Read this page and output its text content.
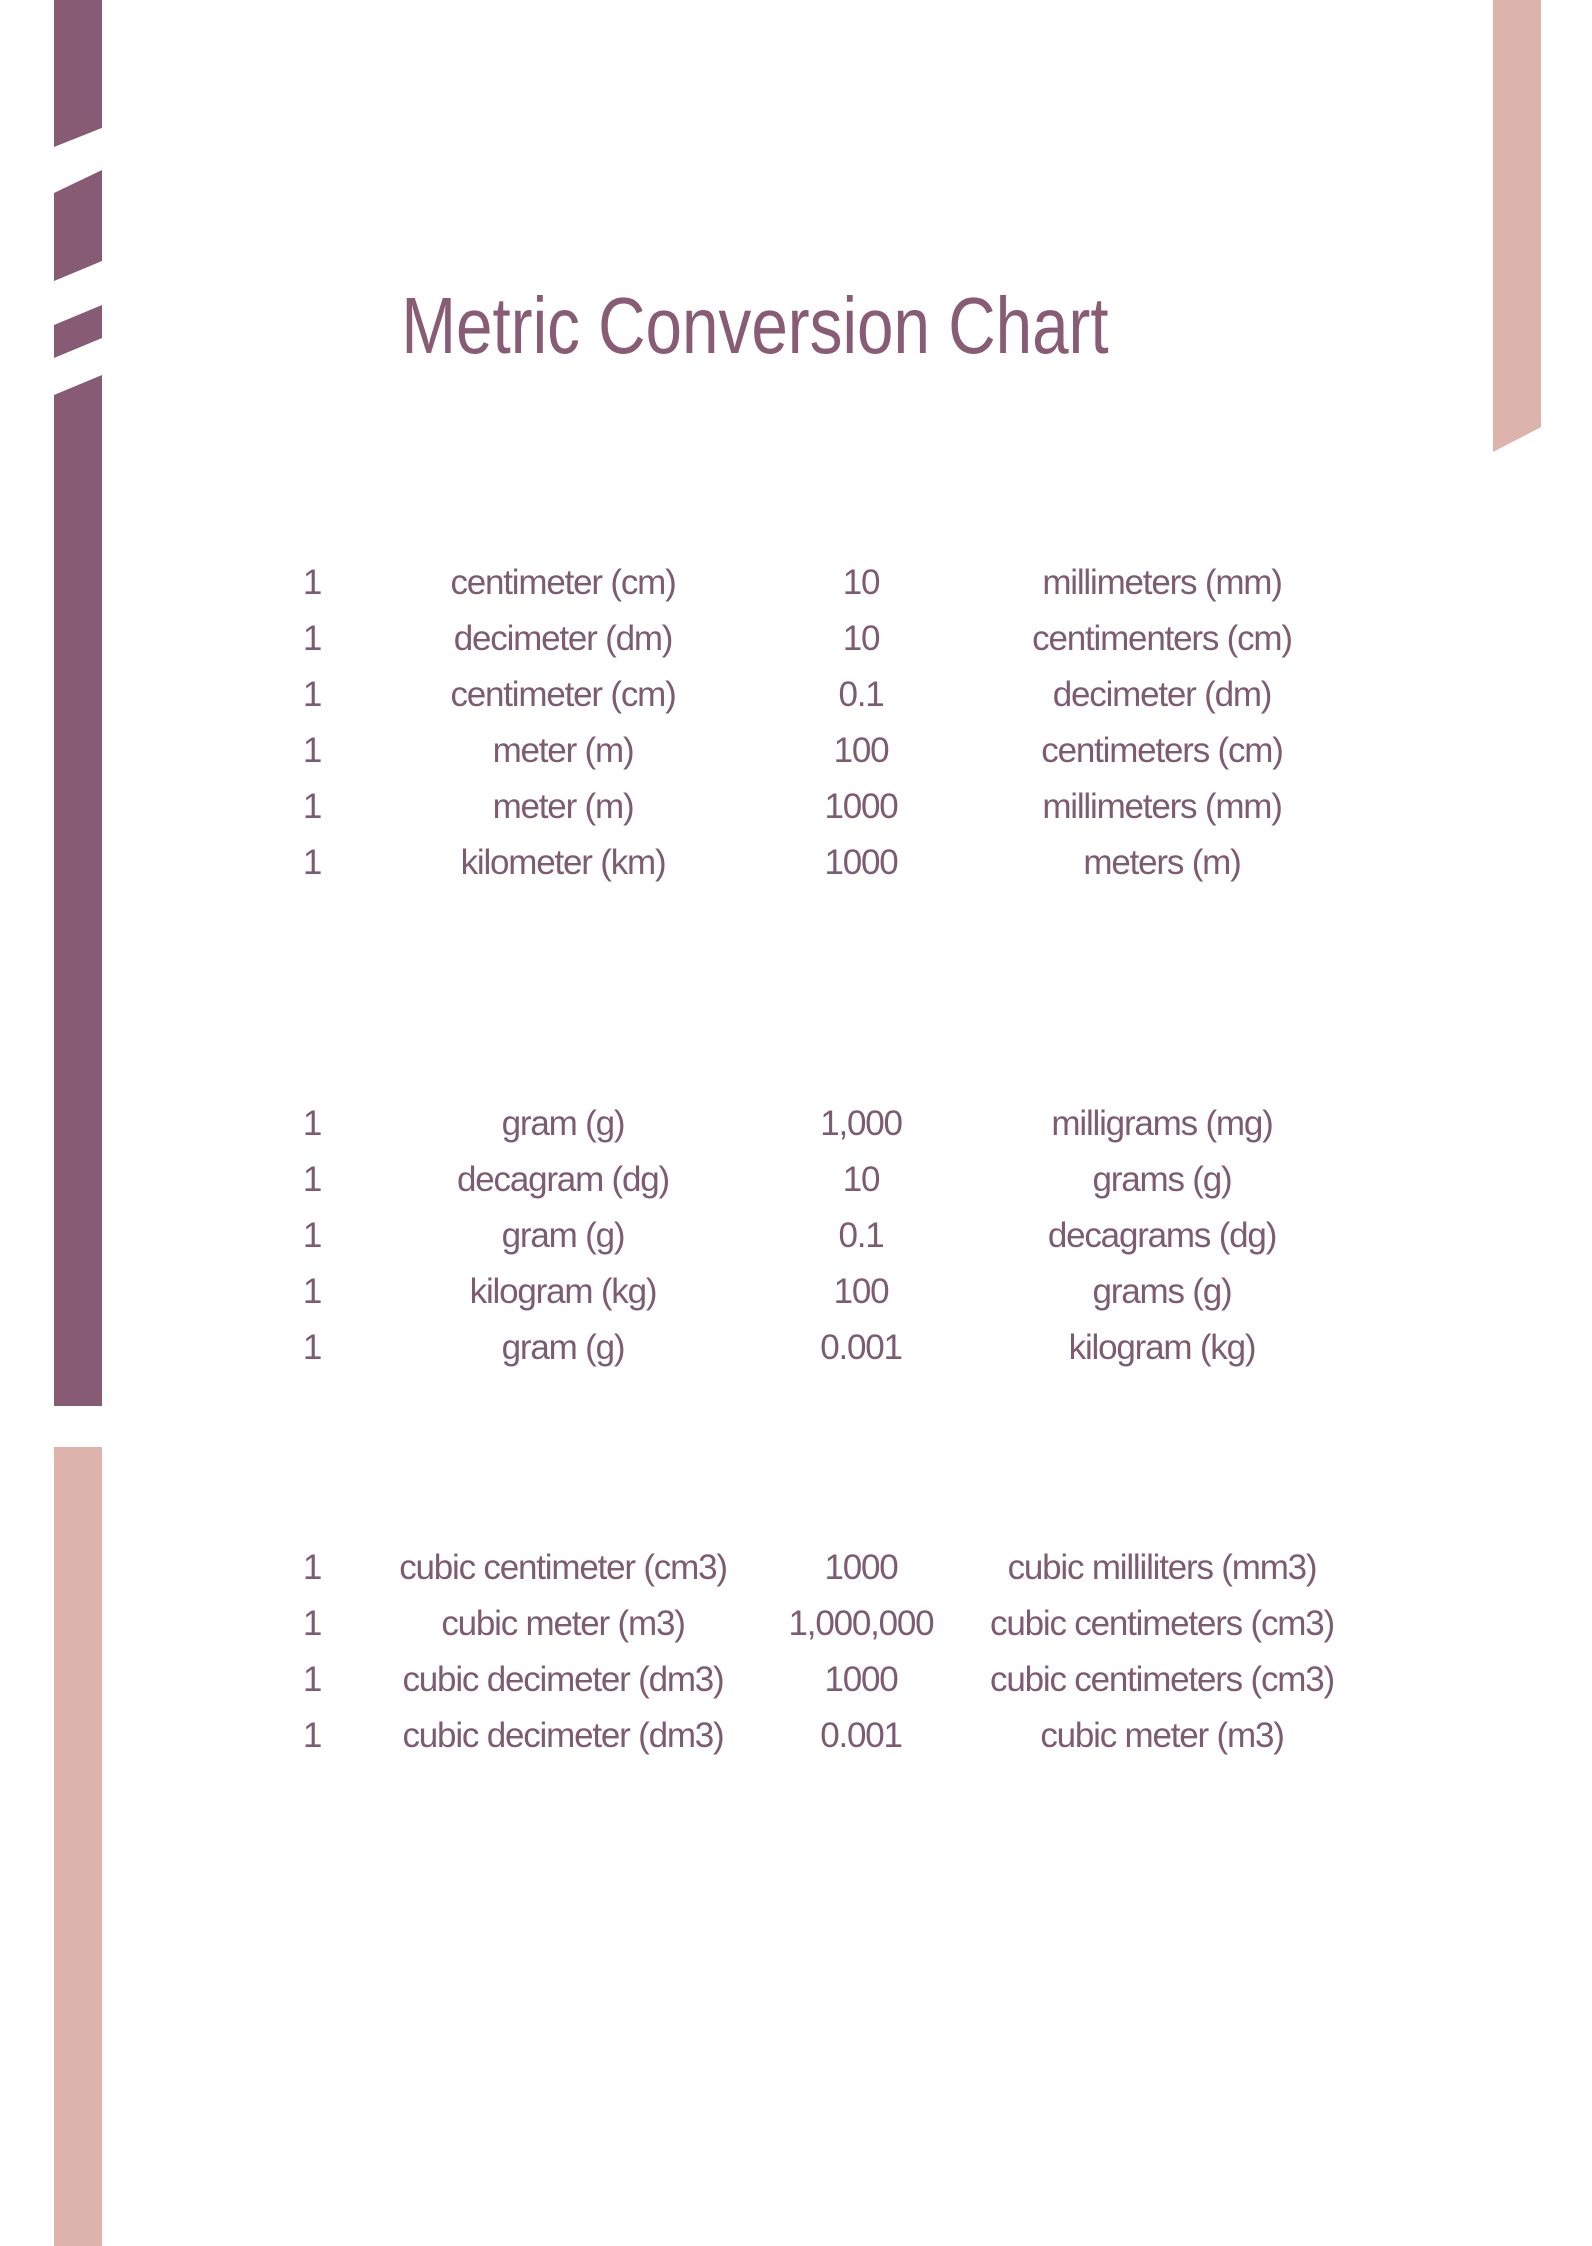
Metric Conversion Chart
1	centimeter (cm)	10	millimeters (mm)
1	decimeter (dm)	10	centimenters (cm)
1	centimeter (cm)	0.1	decimeter (dm)
1	meter (m)	100	centimeters (cm)
1	meter (m)	1000	millimeters (mm)
1	kilometer (km)	1000	meters (m)
1	gram (g)	1,000	milligrams (mg)
1	decagram (dg)	10	grams (g)
1	gram (g)	0.1	decagrams (dg)
1	kilogram (kg)	100	grams (g)
1	gram (g)	0.001	kilogram (kg)
1	cubic centimeter (cm3)	1000	cubic milliliters (mm3)
1	cubic meter (m3)	1,000,000	cubic centimeters (cm3)
1	cubic decimeter (dm3)	1000	cubic centimeters (cm3)
1	cubic decimeter (dm3)	0.001	cubic meter (m3)
